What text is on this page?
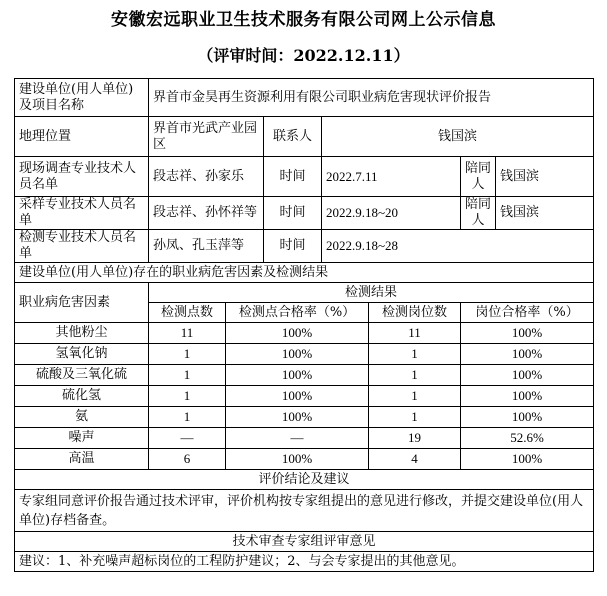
安徽宏远职业卫生技术服务有限公司网上公示信息
（评审时间：2022.12.11）
建设单位(用人单位)及项目名称	界首市金昊再生资源利用有限公司职业病危害现状评价报告						
地理位置	界首市光武产业园区		联系人	钱国滨			
现场调查专业技术人员名单	段志祥、孙家乐		时间	2022.7.11		陪同人	钱国滨
采样专业技术人员名单	段志祥、孙怀祥等		时间	2022.9.18~20		陪同人	钱国滨
检测专业技术人员名单	孙凤、孔玉萍等		时间	2022.9.18~28			
建设单位(用人单位)存在的职业病危害因素及检测结果							
职业病危害因素	检测结果						
	检测点数	检测点合格率（%）			检测岗位数	岗位合格率（%）	
其他粉尘	11	100%			11	100%	
氢氧化钠	1	100%			1	100%	
硫酸及三氧化硫	1	100%			1	100%	
硫化氢	1	100%			1	100%	
氨	1	100%			1	100%	
噪声	—	—			19	52.6%	
高温	6	100%			4	100%	
评价结论及建议							
专家组同意评价报告通过技术评审，评价机构按专家组提出的意见进行修改，并提交建设单位(用人单位)存档备查。							
技术审查专家组评审意见							
建议：1、补充噪声超标岗位的工程防护建议；2、与会专家提出的其他意见。							
